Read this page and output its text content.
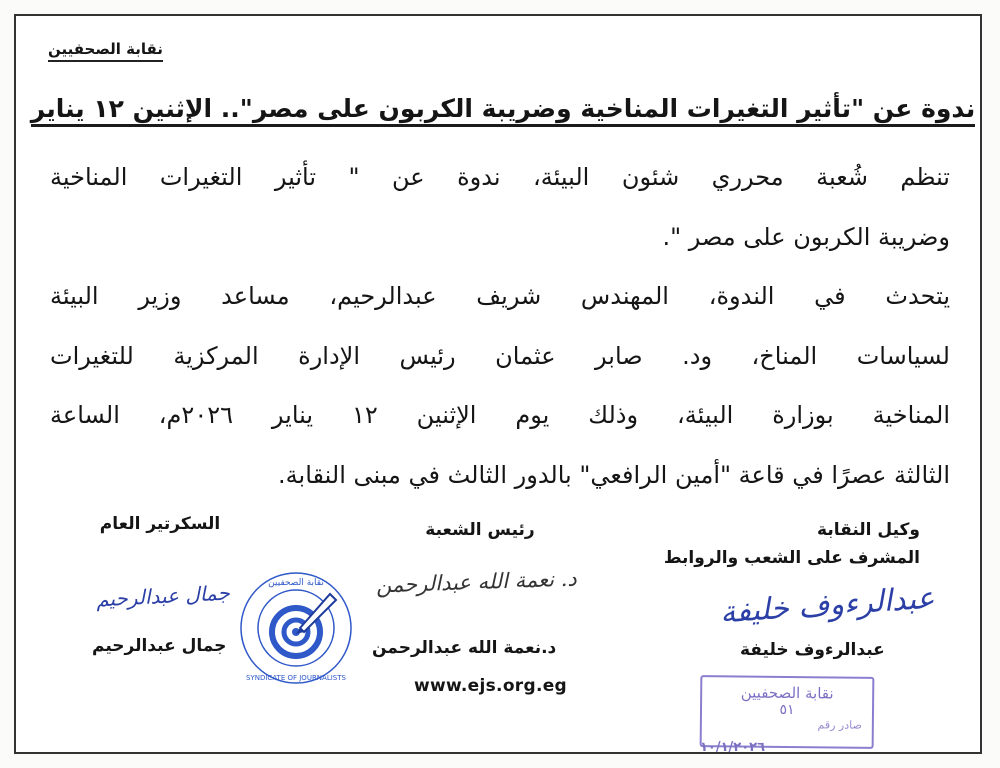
نقابة الصحفيين
ندوة عن "تأثير التغيرات المناخية وضريبة الكربون على مصر".. الإثنين ١٢ يناير
تنظم شُعبة محرري شئون البيئة، ندوة عن " تأثير التغيرات المناخية
وضريبة الكربون على مصر ".
يتحدث في الندوة، المهندس شريف عبدالرحيم، مساعد وزير البيئة
لسياسات المناخ، ود. صابر عثمان رئيس الإدارة المركزية للتغيرات
المناخية بوزارة البيئة، وذلك يوم الإثنين ١٢ يناير ٢٠٢٦م، الساعة
الثالثة عصرًا في قاعة "أمين الرافعي" بالدور الثالث في مبنى النقابة.
وكيل النقابة
المشرف على الشعب والروابط
عبدالرءوف خليفة
عبدالرءوف خليفة
رئيس الشعبة
د. نعمة الله عبدالرحمن
د.نعمة الله عبدالرحمن
السكرتير العام
جمال عبدالرحيم
جمال عبدالرحيم
نقابة الصحفيين
SYNDICATE OF JOURNALISTS	www.ejs.org.eg	نقابة الصحفيين
٥١
صادر رقم
١٠/١/٢٠٢٦
